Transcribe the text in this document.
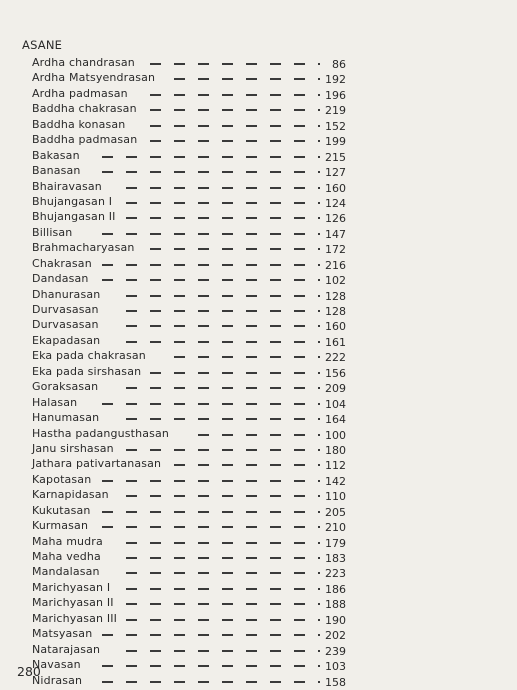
ASANE
Ardha chandrasan	86
Ardha Matsyendrasan	192
Ardha padmasan	196
Baddha chakrasan	219
Baddha konasan	152
Baddha padmasan	199
Bakasan	215
Banasan	127
Bhairavasan	160
Bhujangasan I	124
Bhujangasan II	126
Billisan	147
Brahmacharyasan	172
Chakrasan	216
Dandasan	102
Dhanurasan	128
Durvasasan	128
Durvasasan	160
Ekapadasan	161
Eka pada chakrasan	222
Eka pada sirshasan	156
Goraksasan	209
Halasan	104
Hanumasan	164
Hastha padangusthasan	100
Janu sirshasan	180
Jathara pativartanasan	112
Kapotasan	142
Karnapidasan	110
Kukutasan	205
Kurmasan	210
Maha mudra	179
Maha vedha	183
Mandalasan	223
Marichyasan I	186
Marichyasan II	188
Marichyasan III	190
Matsyasan	202
Natarajasan	239
Navasan	103
Nidrasan	158
280
